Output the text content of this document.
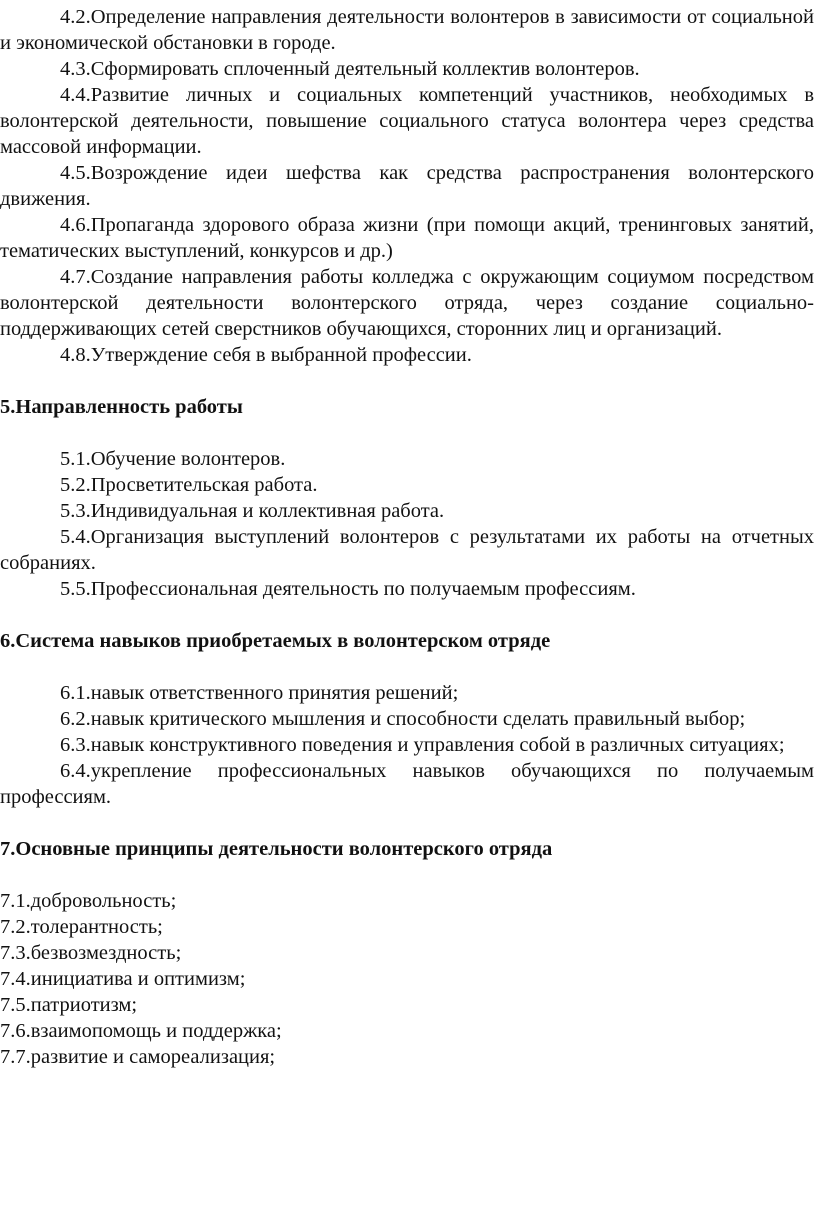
4.2.Определение направления деятельности волонтеров в зависимости от социальной и экономической обстановки в городе.

4.3.Сформировать сплоченный деятельный коллектив волонтеров.

4.4.Развитие личных и социальных компетенций участников, необходимых в волонтерской деятельности, повышение социального статуса волонтера через средства массовой информации.

4.5.Возрождение идеи шефства как средства распространения волонтерского движения.

4.6.Пропаганда здорового образа жизни (при помощи акций, тренинговых занятий, тематических выступлений, конкурсов и др.)

4.7.Создание направления работы колледжа с окружающим социумом посредством волонтерской деятельности волонтерского отряда, через создание социально-поддерживающих сетей сверстников обучающихся, сторонних лиц и организаций.

4.8.Утверждение себя в выбранной профессии.

5.Направленность работы

5.1.Обучение волонтеров.

5.2.Просветительская работа.

5.3.Индивидуальная и коллективная работа.

5.4.Организация выступлений волонтеров с результатами их работы на отчетных собраниях.

5.5.Профессиональная деятельность по получаемым профессиям.

6.Система навыков приобретаемых в волонтерском отряде

6.1.навык ответственного принятия решений;

6.2.навык критического мышления и способности сделать правильный выбор;

6.3.навык конструктивного поведения и управления собой в различных ситуациях;

6.4.укрепление профессиональных навыков обучающихся по получаемым профессиям.

7.Основные принципы деятельности волонтерского отряда

7.1.добровольность;

7.2.толерантность;

7.3.безвозмездность;

7.4.инициатива и оптимизм;

7.5.патриотизм;

7.6.взаимопомощь и поддержка;

7.7.развитие и самореализация;
